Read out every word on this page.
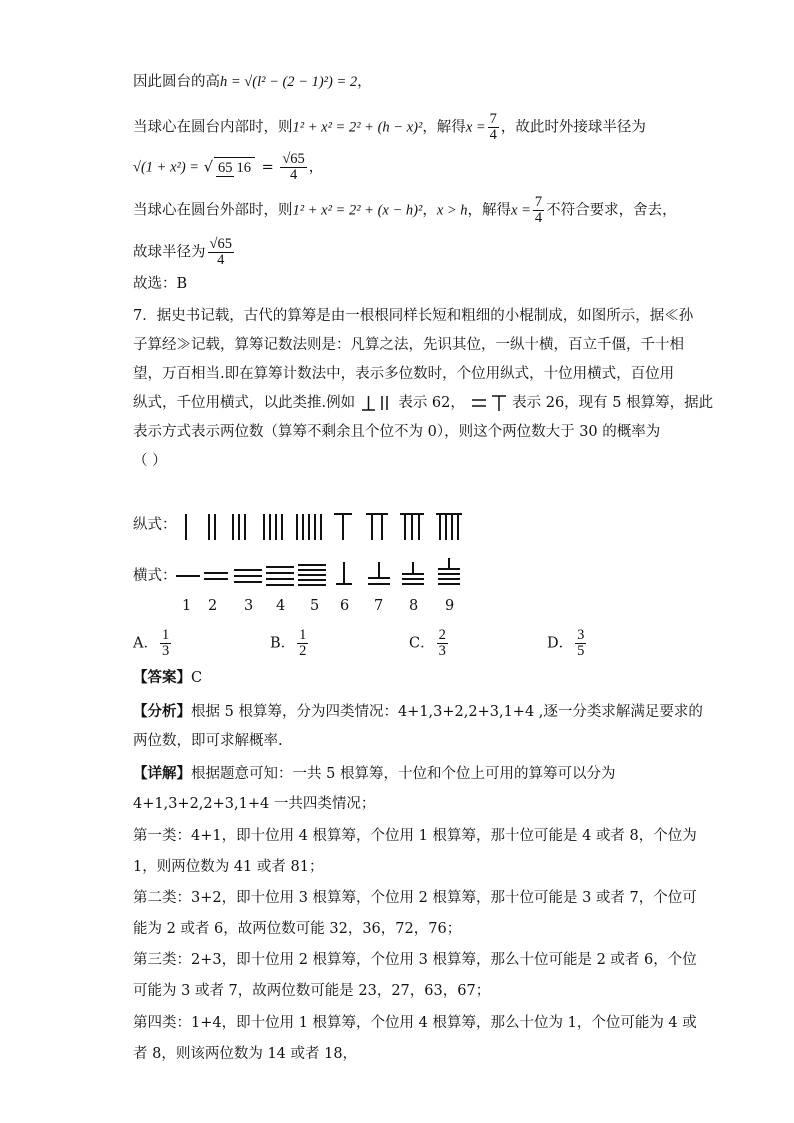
因此圆台的高h = √(l² − (2 − 1)²) = 2，
当球心在圆台内部时，则1² + x² = 2² + (h − x)²，解得$x = \frac{7}{4}$ ，故此时外接球半径为
√(1 + x²) = √ 65 $16 = \frac{√65}{4}$ ，
当球心在圆台外部时，则1² + x² = 2² + (x − h)²，x > h，解得$x = \frac{7}{4}$ 不符合要求，舍去，
故球半径为 $\frac{√65}{4}$
故选：B
7．据史书记载，古代的算筹是由一根根同样长短和粗细的小棍制成，如图所示，据≪孙
子算经≫记载，算筹记数法则是：凡算之法，先识其位，一纵十横，百立千僵，千十相
望，万百相当.即在算筹计数法中，表示多位数时，个位用纵式，十位用横式，百位用
纵式，千位用横式，以此类推.例如	表示 62，	表示 26，现有 5 根算筹，据此
表示方式表示两位数（算筹不剩余且个位不为 0），则这个两位数大于 30 的概率为
（ ）
纵式：
横式：
1 2 3 4 5 6 7 8 9
A． $\frac{1}{3}$	B． $\frac{1}{2}$	C． $\frac{2}{3}$	D． $\frac{3}{5}$
【答案】C
【分析】根据 5 根算筹，分为四类情况：4+1,3+2,2+3,1+4 ,逐一分类求解满足要求的
两位数，即可求解概率.
【详解】根据题意可知：一共 5 根算筹，十位和个位上可用的算筹可以分为
4+1,3+2,2+3,1+4 一共四类情况；
第一类：4+1，即十位用 4 根算筹，个位用 1 根算筹，那十位可能是 4 或者 8，个位为
1，则两位数为 41 或者 81；
第二类：3+2，即十位用 3 根算筹，个位用 2 根算筹，那十位可能是 3 或者 7，个位可
能为 2 或者 6，故两位数可能 32，36，72，76；
第三类：2+3，即十位用 2 根算筹，个位用 3 根算筹，那么十位可能是 2 或者 6，个位
可能为 3 或者 7，故两位数可能是 23，27，63，67；
第四类：1+4，即十位用 1 根算筹，个位用 4 根算筹，那么十位为 1，个位可能为 4 或
者 8，则该两位数为 14 或者 18，
